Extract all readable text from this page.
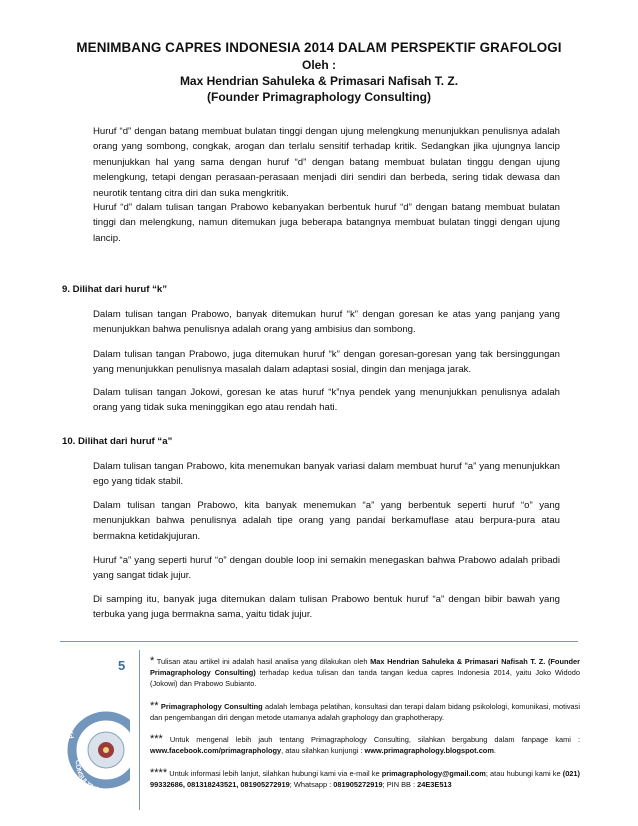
MENIMBANG CAPRES INDONESIA 2014 DALAM PERSPEKTIF GRAFOLOGI
Oleh :
Max Hendrian Sahuleka & Primasari Nafisah T. Z.
(Founder Primagraphology Consulting)

Huruf “d” dengan batang membuat bulatan tinggi dengan ujung melengkung menunjukkan penulisnya adalah orang yang sombong, congkak, arogan dan terlalu sensitif terhadap kritik. Sedangkan jika ujungnya lancip menunjukkan hal yang sama dengan huruf “d” dengan batang membuat bulatan tinggu dengan ujung melengkung, tetapi dengan perasaan-perasaan menjadi diri sendiri dan berbeda, sering tidak dewasa dan neurotik tentang citra diri dan suka mengkritik.

Huruf “d” dalam tulisan tangan Prabowo kebanyakan berbentuk huruf “d” dengan batang membuat bulatan tinggi dan melengkung, namun ditemukan juga beberapa batangnya membuat bulatan tinggi dengan ujung lancip.

9. Dilihat dari huruf “k”

Dalam tulisan tangan Prabowo, banyak ditemukan huruf “k” dengan goresan ke atas yang panjang yang menunjukkan bahwa penulisnya adalah orang yang ambisius dan sombong.

Dalam tulisan tangan Prabowo, juga ditemukan huruf “k” dengan goresan-goresan yang tak bersinggungan yang menunjukkan penulisnya masalah dalam adaptasi sosial, dingin dan menjaga jarak.

Dalam tulisan tangan Jokowi, goresan ke atas huruf “k”nya pendek yang menunjukkan penulisnya adalah orang yang tidak suka meninggikan ego atau rendah hati.

10. Dilihat dari huruf “a”

Dalam tulisan tangan Prabowo, kita menemukan banyak variasi dalam membuat huruf “a” yang menunjukkan ego yang tidak stabil.

Dalam tulisan tangan Prabowo, kita banyak menemukan “a” yang berbentuk seperti huruf “o” yang menunjukkan bahwa penulisnya adalah tipe orang yang pandai berkamuflase atau berpura-pura atau bermakna ketidakjujuran.

Huruf “a” yang seperti huruf “o” dengan double loop ini semakin menegaskan bahwa Prabowo adalah pribadi yang sangat tidak jujur.

Di samping itu, banyak juga ditemukan dalam tulisan Prabowo bentuk huruf “a” dengan bibir bawah yang terbuka yang juga bermakna sama, yaitu tidak jujur.

5
PRIMAGRAPHOLOGY
CONSULTING

* Tulisan atau artikel ini adalah hasil analisa yang dilakukan oleh Max Hendrian Sahuleka & Primasari Nafisah T. Z. (Founder Primagraphology Consulting) terhadap kedua tulisan dan tanda tangan kedua capres Indonesia 2014, yaitu Joko Widodo (Jokowi) dan Prabowo Subianto.

** Primagraphology Consulting adalah lembaga pelatihan, konsultasi dan terapi dalam bidang psikolologi, komunikasi, motivasi dan pengembangan diri dengan metode utamanya adalah graphology dan graphotherapy.

*** Untuk mengenal lebih jauh tentang Primagraphology Consulting, silahkan bergabung dalam fanpage kami : www.facebook.com/primagraphology, atau silahkan kunjungi : www.primagraphology.blogspot.com.

**** Untuk informasi lebih lanjut, silahkan hubungi kami via e-mail ke primagraphology@gmail.com; atau hubungi kami ke (021) 99332686, 081318243521, 081905272919; Whatsapp : 081905272919; PIN BB : 24E3E513
